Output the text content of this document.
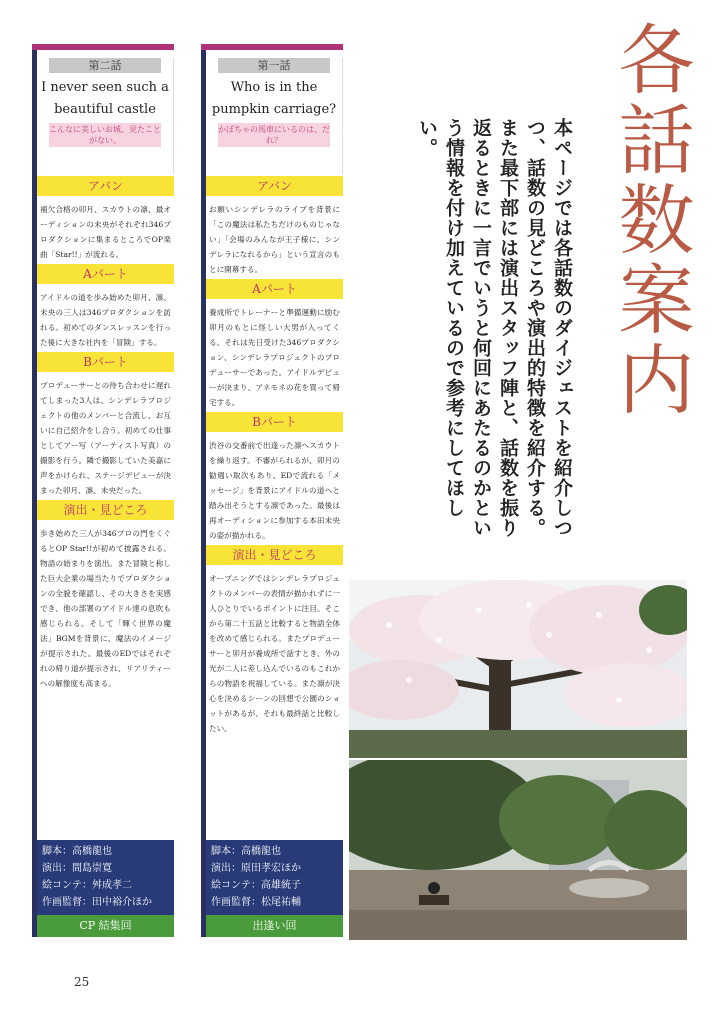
第二話
I never seen such a beautiful castle
こんなに美しいお城、見たことがない。
アバン
補欠合格の卯月、スカウトの凛、最オーディションの未央がそれぞれ346プロダクションに集まるところでOP楽曲「Star!!」が流れる。
Aパート
アイドルの道を歩み始めた卯月、凛、未央の三人は346プロダクションを訪れる。初めてのダンスレッスンを行った後に大きな社内を「冒険」する。
Bパート
プロデューサーとの待ち合わせに遅れてしまった3人は、シンデレラプロジェクトの他のメンバーと合流し、お互いに自己紹介をし合う。初めての仕事としてアー写（アーティスト写真）の撮影を行う。隣で撮影していた美嘉に声をかけられ、ステージデビューが決まった卯月、凛、未央だった。
演出・見どころ
歩き始めた三人が346プロの門をくぐるとOP Star!!が初めて披露される。物語の始まりを演出。また冒険と称した巨大企業の場当たりでプロダクションの全貌を確認し、その大きさを実感でき、他の部署のアイドル達の息吹も感じられる。そして「輝く世界の魔法」BGMを背景に、魔法のイメージが提示された。最後のEDではそれぞれの帰り道が提示され、リアリティーへの解像度も高まる。
脚本：高橋龍也
演出：間島崇寛
絵コンテ：舛成孝二
作画監督：田中裕介ほか
CP 結集回
第一話
Who is in the pumpkin carriage?
かぼちゃの馬車にいるのは、だれ？
アバン
お願いシンデレラのライブを背景に「この魔法は私たちだけのものじゃない」「会場のみんなが王子様に、シンデレラになれるから」という宣言のもとに開幕する。
Aパート
養成所でトレーナーと準備運動に励む卯月のもとに怪しい大男が入ってくる。それは先日受けた346プロダクション、シンデレラプロジェクトのプロデューサーであった。アイドルデビューが決まり、アネモネの花を買って帰宅する。
Bパート
渋谷の交番前で出逢った凛へスカウトを繰り返す。不審がられるが、卯月の勧週い取次もあり、EDで流れる「メッセージ」を背景にアイドルの道へと踏み出そうとする凛であった。最後は再オーディションに参加する本田未央の姿が描かれる。
演出・見どころ
オープニングではシンデレラプロジェクトのメンバーの表情が描かれずに一人ひとりでいるポイントに注目。そこから第二十五話と比較すると物語全体を改めて感じられる。またプロデューサーと卯月が養成所で話すとき、外の光が二人に差し込んでいるのもこれからの物語を祝福している。また凛が決心を決めるシーンの回想で公園のショットがあるが、それも最終話と比較したい。
脚本：高橋龍也
演出：原田孝宏ほか
絵コンテ：高雄統子
作画監督：松尾祐輔
出逢い回
各話数案内
本ページでは各話数のダイジェストを紹介しつつ、話数の見どころや演出的特徴を紹介する。また最下部には演出スタッフ陣と、話数を振り返るときに一言でいうと何回にあたるのかという情報を付け加えているので参考にしてほしい。
25
